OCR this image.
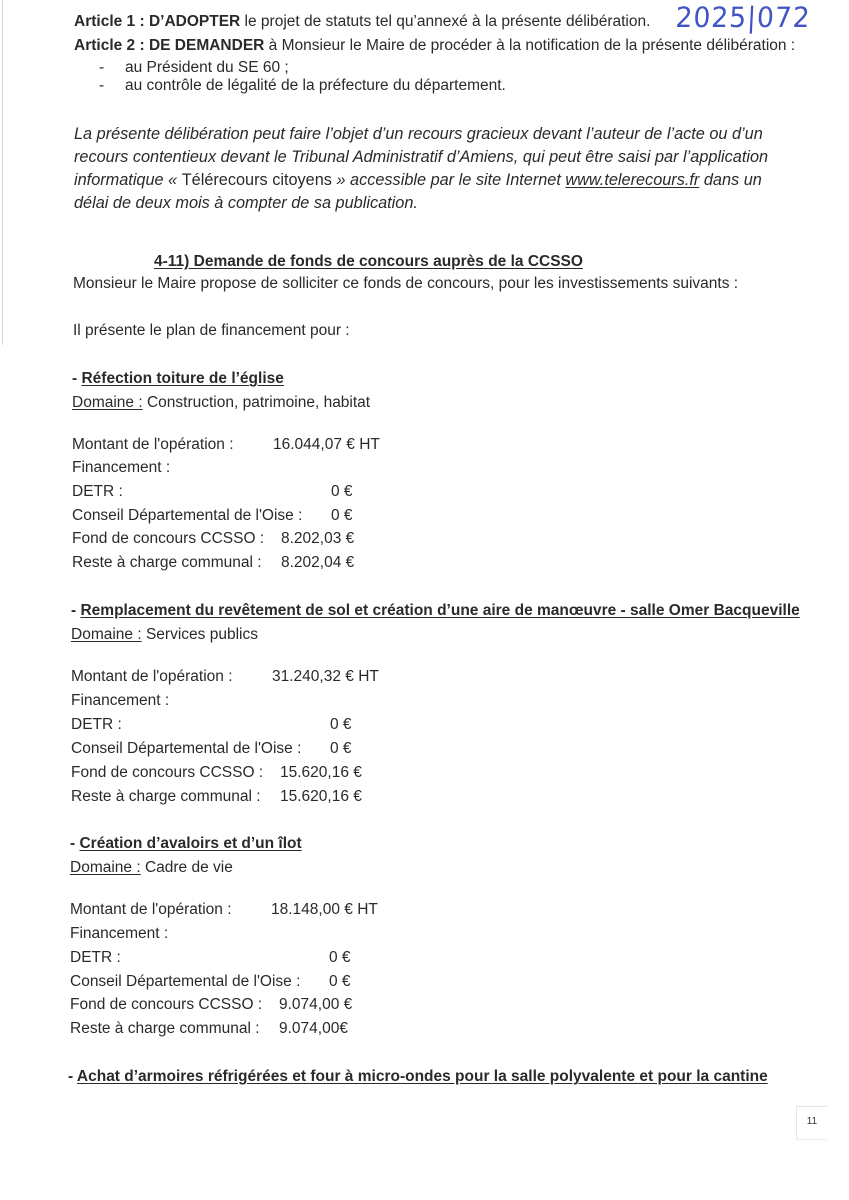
Article 1 : D’ADOPTER le projet de statuts tel qu’annexé à la présente délibération. 2025|072
Article 2 : DE DEMANDER à Monsieur le Maire de procéder à la notification de la présente délibération :
- au Président du SE 60 ;
- au contrôle de légalité de la préfecture du département.
La présente délibération peut faire l’objet d’un recours gracieux devant l’auteur de l’acte ou d’un
recours contentieux devant le Tribunal Administratif d’Amiens, qui peut être saisi par l’application
informatique « Télérecours citoyens » accessible par le site Internet www.telerecours.fr dans un
délai de deux mois à compter de sa publication.
4-11) Demande de fonds de concours auprès de la CCSSO
Monsieur le Maire propose de solliciter ce fonds de concours, pour les investissements suivants :
Il présente le plan de financement pour :
- Réfection toiture de l’église
Domaine : Construction, patrimoine, habitat
Montant de l'opération :	16.044,07 € HT
Financement :
DETR :	0 €
Conseil Départemental de l'Oise : 0 €
Fond de concours CCSSO : 8.202,03 €
Reste à charge communal : 8.202,04 €
- Remplacement du revêtement de sol et création d’une aire de manœuvre - salle Omer Bacqueville
Domaine : Services publics
Montant de l'opération :	31.240,32 € HT
Financement :
DETR :	0 €
Conseil Départemental de l'Oise : 0 €
Fond de concours CCSSO : 15.620,16 €
Reste à charge communal : 15.620,16 €
- Création d’avaloirs et d’un îlot
Domaine : Cadre de vie
Montant de l'opération :	18.148,00 € HT
Financement :
DETR :	0 €
Conseil Départemental de l'Oise : 0 €
Fond de concours CCSSO : 9.074,00 €
Reste à charge communal : 9.074,00€
- Achat d’armoires réfrigérées et four à micro-ondes pour la salle polyvalente et pour la cantine
11
